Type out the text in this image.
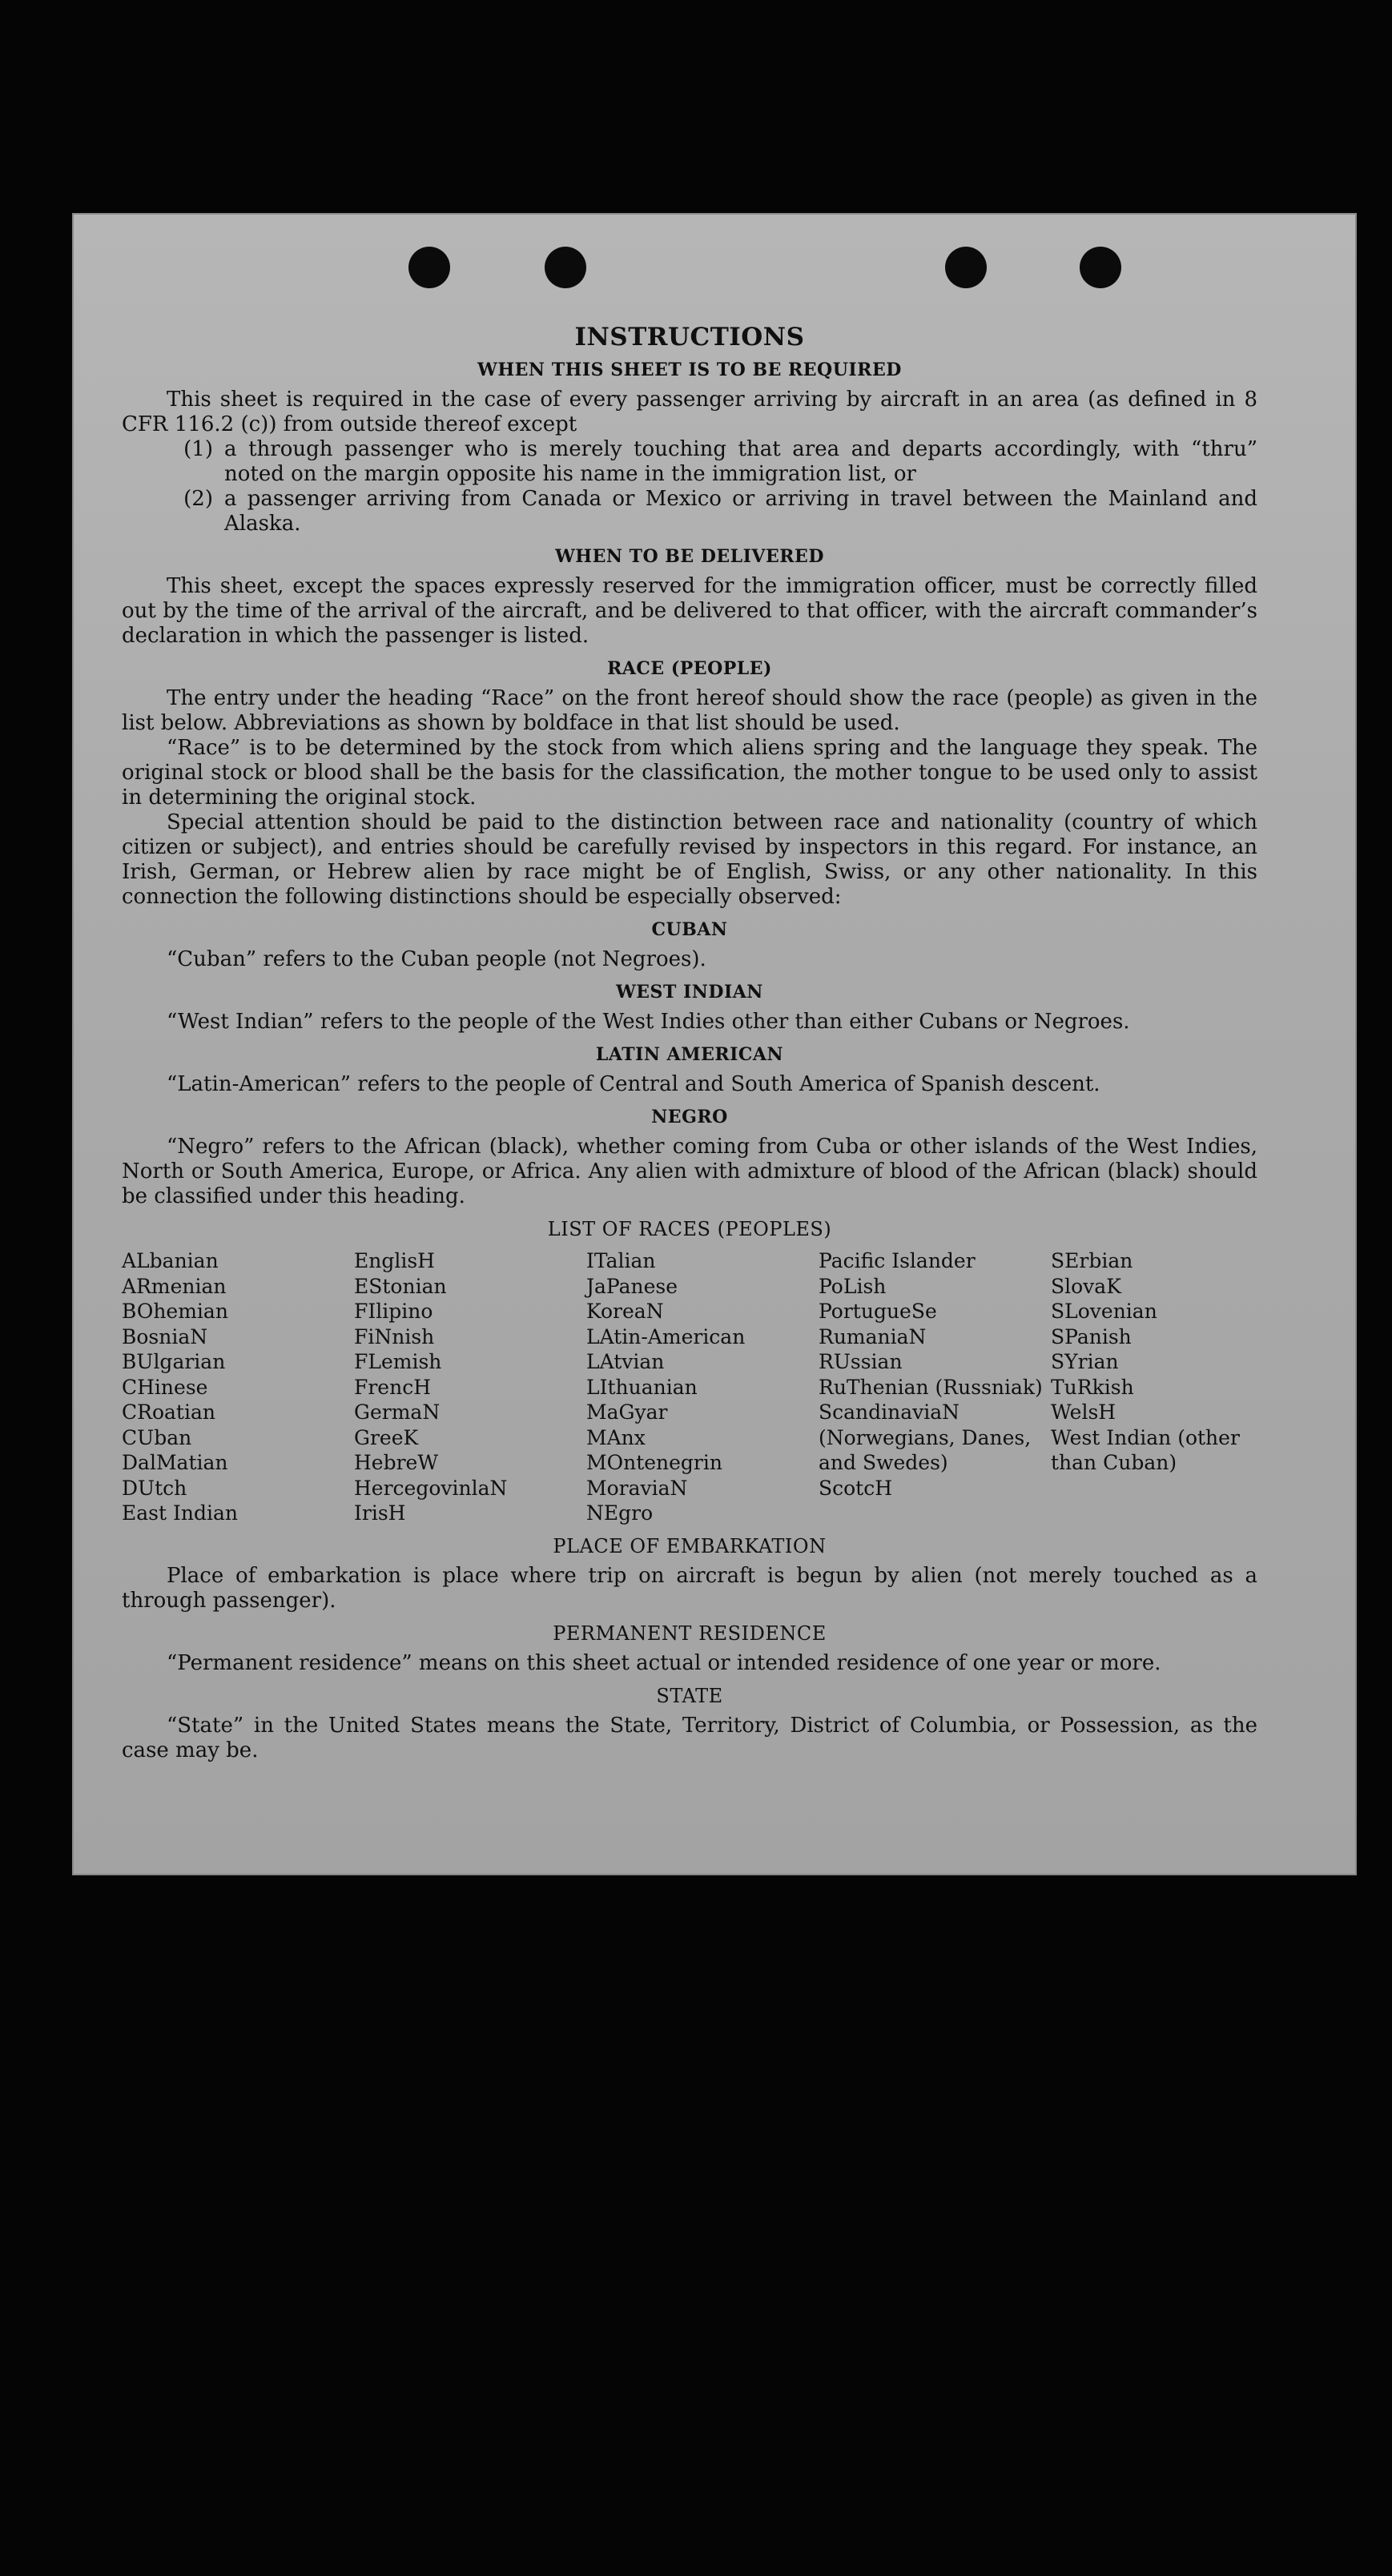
INSTRUCTIONS
WHEN THIS SHEET IS TO BE REQUIRED

This sheet is required in the case of every passenger arriving by aircraft in an area (as defined in 8 CFR 116.2 (c)) from outside thereof except

(1) a through passenger who is merely touching that area and departs accordingly, with “thru” noted on the margin opposite his name in the immigration list, or
(2) a passenger arriving from Canada or Mexico or arriving in travel between the Mainland and Alaska.
WHEN TO BE DELIVERED

This sheet, except the spaces expressly reserved for the immigration officer, must be correctly filled out by the time of the arrival of the aircraft, and be delivered to that officer, with the aircraft commander’s declaration in which the passenger is listed.

RACE (PEOPLE)

The entry under the heading “Race” on the front hereof should show the race (people) as given in the list below. Abbreviations as shown by boldface in that list should be used.

“Race” is to be determined by the stock from which aliens spring and the language they speak. The original stock or blood shall be the basis for the classification, the mother tongue to be used only to assist in determining the original stock.

Special attention should be paid to the distinction between race and nationality (country of which citizen or subject), and entries should be carefully revised by inspectors in this regard. For instance, an Irish, German, or Hebrew alien by race might be of English, Swiss, or any other nationality. In this connection the following distinctions should be especially observed:

CUBAN

“Cuban” refers to the Cuban people (not Negroes).

WEST INDIAN

“West Indian” refers to the people of the West Indies other than either Cubans or Negroes.

LATIN AMERICAN

“Latin-American” refers to the people of Central and South America of Spanish descent.

NEGRO

“Negro” refers to the African (black), whether coming from Cuba or other islands of the West Indies, North or South America, Europe, or Africa. Any alien with admixture of blood of the African (black) should be classified under this heading.

LIST OF RACES (PEOPLES)
ALbanian
ARmenian
BOhemian
BosniaN
BUlgarian
CHinese
CRoatian
CUban
DalMatian
DUtch
East Indian
EnglisH
EStonian
FIlipino
FiNnish
FLemish
FrencH
GermaN
GreeK
HebreW
HercegovinlaN
IrisH
ITalian
JaPanese
KoreaN
LAtin-American
LAtvian
LIthuanian
MaGyar
MAnx
MOntenegrin
MoraviaN
NEgro
Pacific Islander
PoLish
PortugueSe
RumaniaN
RUssian
RuThenian (Russniak)
ScandinaviaN (Norwegians, Danes, and Swedes)
ScotcH
SErbian
SlovaK
SLovenian
SPanish
SYrian
TuRkish
WelsH
West Indian (other than Cuban)
PLACE OF EMBARKATION

Place of embarkation is place where trip on aircraft is begun by alien (not merely touched as a through passenger).

PERMANENT RESIDENCE

“Permanent residence” means on this sheet actual or intended residence of one year or more.

STATE

“State” in the United States means the State, Territory, District of Columbia, or Possession, as the case may be.
